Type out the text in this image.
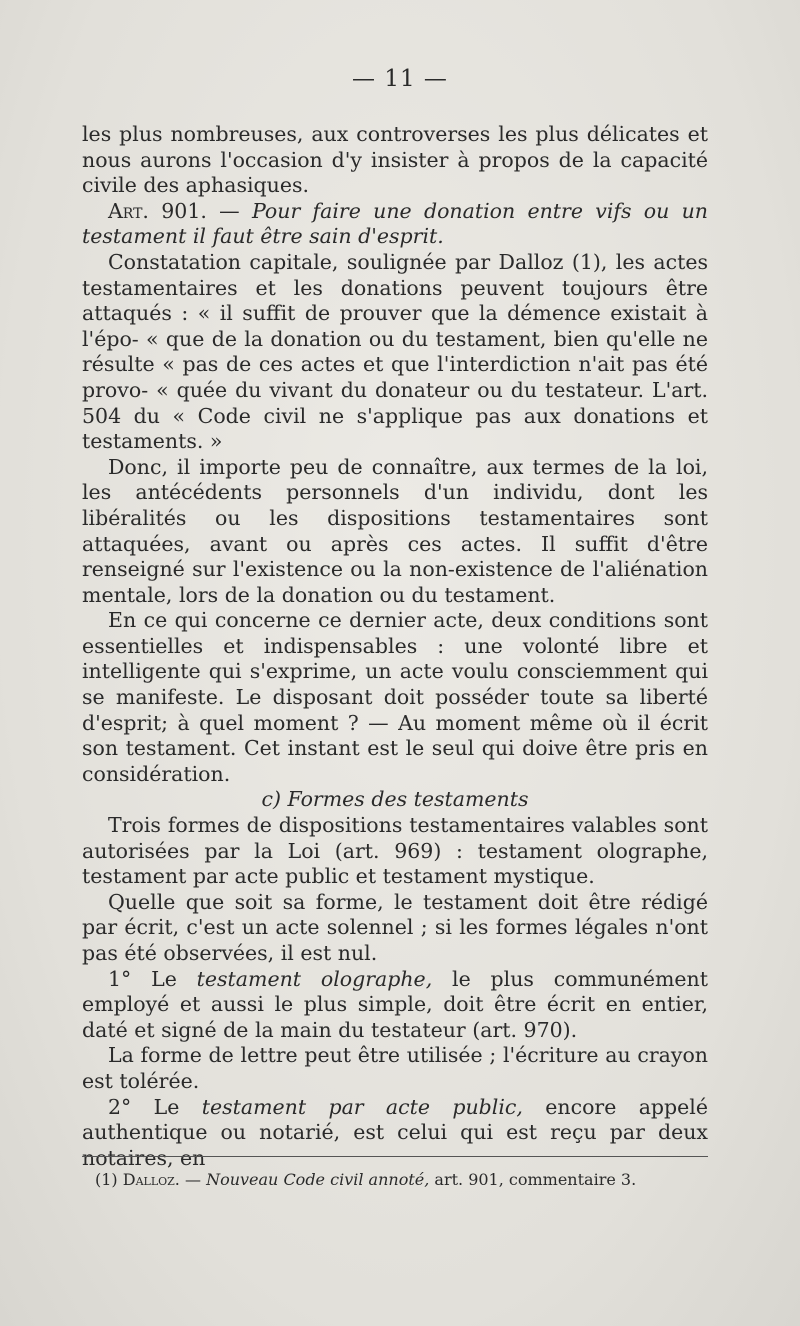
— 11 —

les plus nombreuses, aux controverses les plus délicates et nous aurons l'occasion d'y insister à propos de la capacité civile des aphasiques.

Art. 901. — Pour faire une donation entre vifs ou un testament il faut être sain d'esprit.

Constatation capitale, soulignée par Dalloz (1), les actes testamentaires et les donations peuvent toujours être attaqués : « il suffit de prouver que la démence existait à l'épo- « que de la donation ou du testament, bien qu'elle ne résulte « pas de ces actes et que l'interdiction n'ait pas été provo- « quée du vivant du donateur ou du testateur. L'art. 504 du « Code civil ne s'applique pas aux donations et testaments. »

Donc, il importe peu de connaître, aux termes de la loi, les antécédents personnels d'un individu, dont les libéralités ou les dispositions testamentaires sont attaquées, avant ou après ces actes. Il suffit d'être renseigné sur l'existence ou la non-existence de l'aliénation mentale, lors de la donation ou du testament.

En ce qui concerne ce dernier acte, deux conditions sont essentielles et indispensables : une volonté libre et intelligente qui s'exprime, un acte voulu consciemment qui se manifeste. Le disposant doit posséder toute sa liberté d'esprit; à quel moment ? — Au moment même où il écrit son testament. Cet instant est le seul qui doive être pris en considération.

c) Formes des testaments

Trois formes de dispositions testamentaires valables sont autorisées par la Loi (art. 969) : testament olographe, testament par acte public et testament mystique.

Quelle que soit sa forme, le testament doit être rédigé par écrit, c'est un acte solennel ; si les formes légales n'ont pas été observées, il est nul.

1° Le testament olographe, le plus communément employé et aussi le plus simple, doit être écrit en entier, daté et signé de la main du testateur (art. 970).

La forme de lettre peut être utilisée ; l'écriture au crayon est tolérée.

2° Le testament par acte public, encore appelé authentique ou notarié, est celui qui est reçu par deux notaires, en

(1) Dalloz. — Nouveau Code civil annoté, art. 901, commentaire 3.
